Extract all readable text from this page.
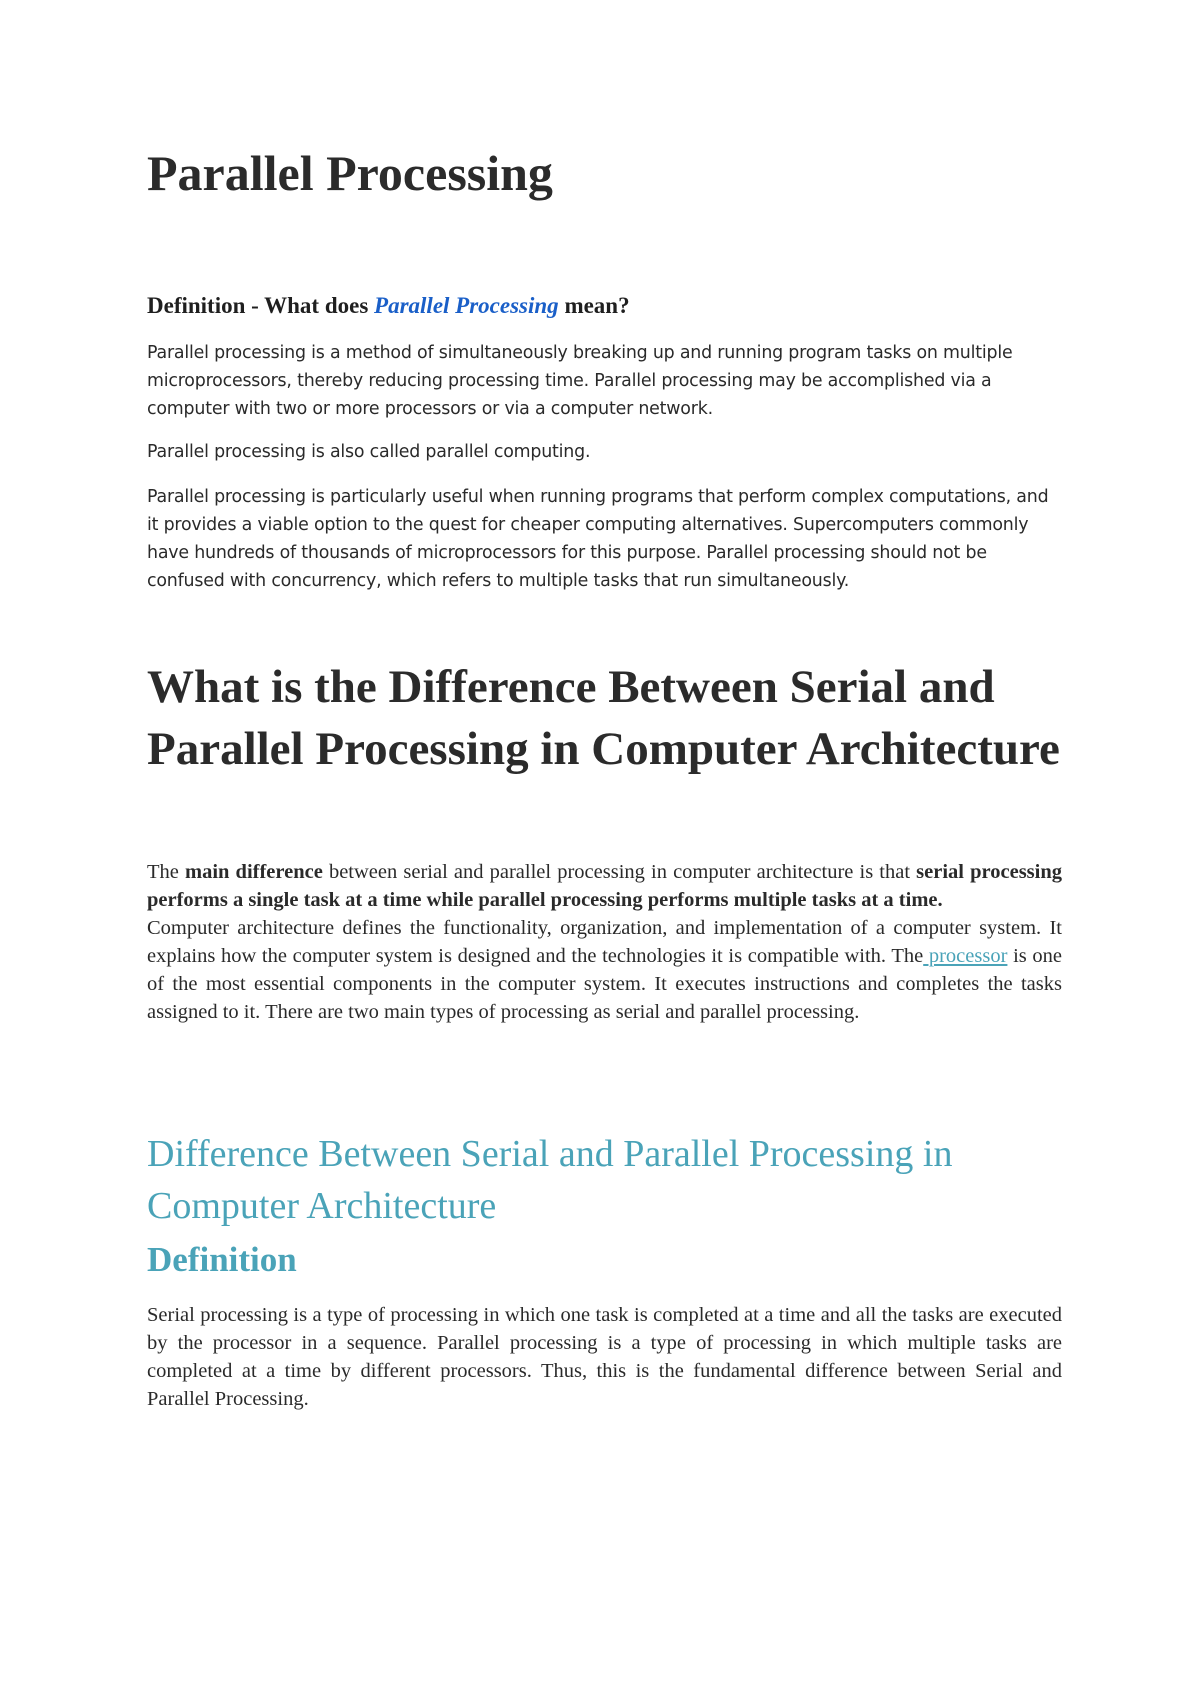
Parallel Processing
Definition - What does Parallel Processing mean?

Parallel processing is a method of simultaneously breaking up and running program tasks on multiple microprocessors, thereby reducing processing time. Parallel processing may be accomplished via a computer with two or more processors or via a computer network.

Parallel processing is also called parallel computing.

Parallel processing is particularly useful when running programs that perform complex computations, and it provides a viable option to the quest for cheaper computing alternatives. Supercomputers commonly have hundreds of thousands of microprocessors for this purpose. Parallel processing should not be confused with concurrency, which refers to multiple tasks that run simultaneously.

What is the Difference Between Serial and Parallel Processing in Computer Architecture
The main difference between serial and parallel processing in computer architecture is that serial processing performs a single task at a time while parallel processing performs multiple tasks at a time.
Computer architecture defines the functionality, organization, and implementation of a computer system. It explains how the computer system is designed and the technologies it is compatible with. The processor is one of the most essential components in the computer system. It executes instructions and completes the tasks assigned to it. There are two main types of processing as serial and parallel processing.
Difference Between Serial and Parallel Processing in Computer Architecture
Definition

Serial processing is a type of processing in which one task is completed at a time and all the tasks are executed by the processor in a sequence. Parallel processing is a type of processing in which multiple tasks are completed at a time by different processors. Thus, this is the fundamental difference between Serial and Parallel Processing.
